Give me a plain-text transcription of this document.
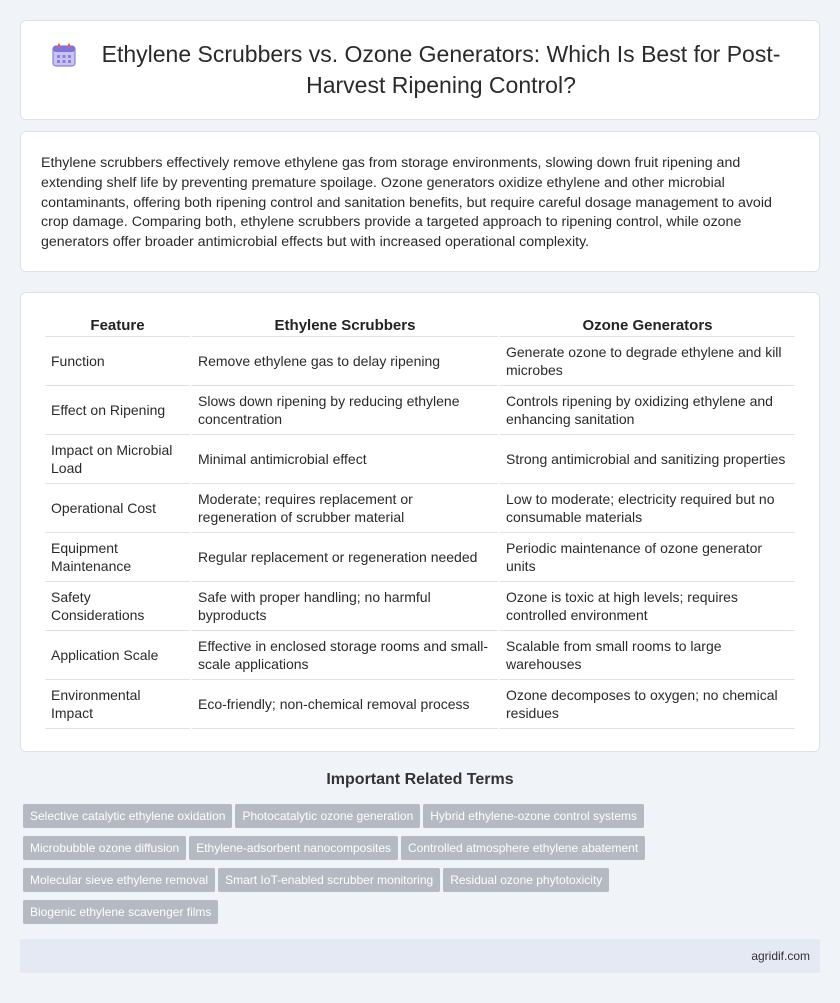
Ethylene Scrubbers vs. Ozone Generators: Which Is Best for Post-Harvest Ripening Control?

Ethylene scrubbers effectively remove ethylene gas from storage environments, slowing down fruit ripening and extending shelf life by preventing premature spoilage. Ozone generators oxidize ethylene and other microbial contaminants, offering both ripening control and sanitation benefits, but require careful dosage management to avoid crop damage. Comparing both, ethylene scrubbers provide a targeted approach to ripening control, while ozone generators offer broader antimicrobial effects but with increased operational complexity.

Feature	Ethylene Scrubbers	Ozone Generators
Function	Remove ethylene gas to delay ripening	Generate ozone to degrade ethylene and kill microbes
Effect on Ripening	Slows down ripening by reducing ethylene concentration	Controls ripening by oxidizing ethylene and enhancing sanitation
Impact on Microbial Load	Minimal antimicrobial effect	Strong antimicrobial and sanitizing properties
Operational Cost	Moderate; requires replacement or regeneration of scrubber material	Low to moderate; electricity required but no consumable materials
Equipment Maintenance	Regular replacement or regeneration needed	Periodic maintenance of ozone generator units
Safety Considerations	Safe with proper handling; no harmful byproducts	Ozone is toxic at high levels; requires controlled environment
Application Scale	Effective in enclosed storage rooms and small-scale applications	Scalable from small rooms to large warehouses
Environmental Impact	Eco-friendly; non-chemical removal process	Ozone decomposes to oxygen; no chemical residues
Important Related Terms
Selective catalytic ethylene oxidation Photocatalytic ozone generation Hybrid ethylene-ozone control systems
Microbubble ozone diffusion Ethylene-adsorbent nanocomposites Controlled atmosphere ethylene abatement
Molecular sieve ethylene removal Smart IoT-enabled scrubber monitoring Residual ozone phytotoxicity
Biogenic ethylene scavenger films
agridif.com
